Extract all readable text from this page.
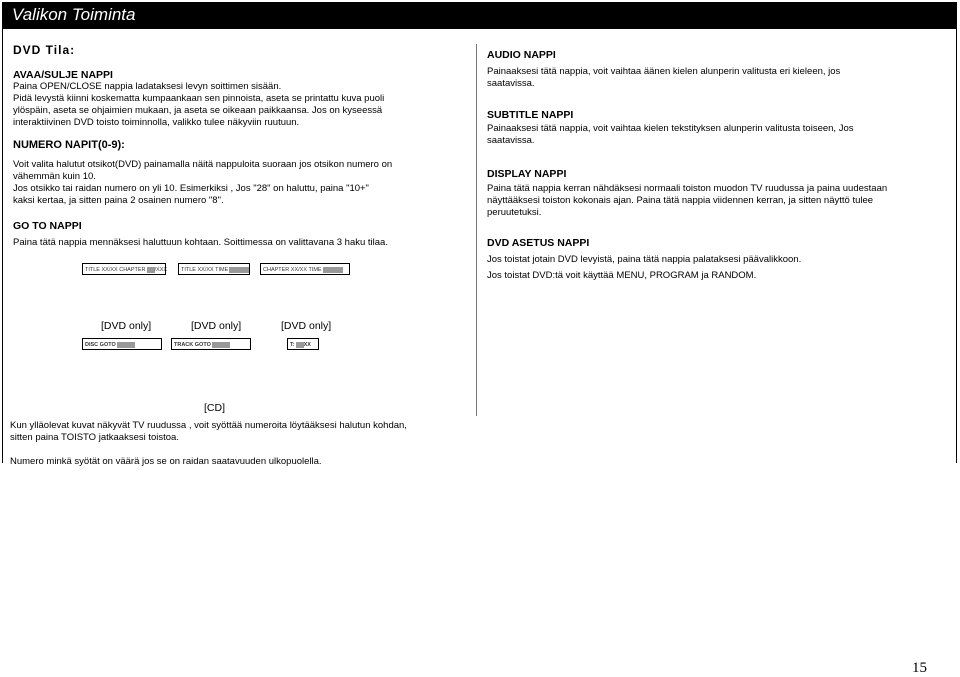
Valikon Toiminta
DVD Tila:
AVAA/SULJE NAPPI
Paina OPEN/CLOSE nappia ladataksesi levyn soittimen sisään.
Pidä levystä kiinni koskematta kumpaankaan sen pinnoista, aseta se printattu kuva puoli
ylöspäin, aseta se ohjaimien mukaan, ja aseta se oikeaan paikkaansa. Jos on kyseessä
interaktiivinen DVD toisto toiminnolla, valikko tulee näkyviin ruutuun.
NUMERO NAPIT(0-9):
Voit valita halutut otsikot(DVD) painamalla näitä nappuloita suoraan jos otsikon numero on
vähemmän kuin 10.
Jos otsikko tai raidan numero on yli 10. Esimerkiksi , Jos "28" on haluttu, paina "10+"
kaksi kertaa, ja sitten paina 2 osainen numero "8".
GO TO NAPPI
Paina tätä nappia mennäksesi haluttuun kohtaan. Soittimessa on valittavana 3 haku tilaa.
TITLE XX/XX CHAPTER /XXX	TITLE XX/XX TIME	CHAPTER XX/XX TIME
[DVD only]	[DVD only]	[DVD only]
DISC GOTO	TRACK GOTO	T: XX
[CD]
Kun ylläolevat kuvat näkyvät TV ruudussa , voit syöttää numeroita löytääksesi halutun kohdan,
sitten paina TOISTO jatkaaksesi toistoa.
Numero minkä syötät on väärä jos se on raidan saatavuuden ulkopuolella.
AUDIO NAPPI
Painaaksesi tätä nappia, voit vaihtaa äänen kielen alunperin valitusta eri kieleen, jos
saatavissa.
SUBTITLE NAPPI
Painaaksesi tätä nappia, voit vaihtaa kielen tekstityksen alunperin valitusta toiseen, Jos
saatavissa.
DISPLAY NAPPI
Paina tätä nappia kerran nähdäksesi normaali toiston muodon TV ruudussa ja paina uudestaan
näyttääksesi toiston kokonais ajan. Paina tätä nappia viidennen kerran, ja sitten näyttö tulee
peruutetuksi.
DVD ASETUS NAPPI
Jos toistat jotain DVD levyistä, paina tätä nappia palataksesi päävalikkoon.
Jos toistat DVD:tä voit käyttää MENU, PROGRAM ja RANDOM.
15
